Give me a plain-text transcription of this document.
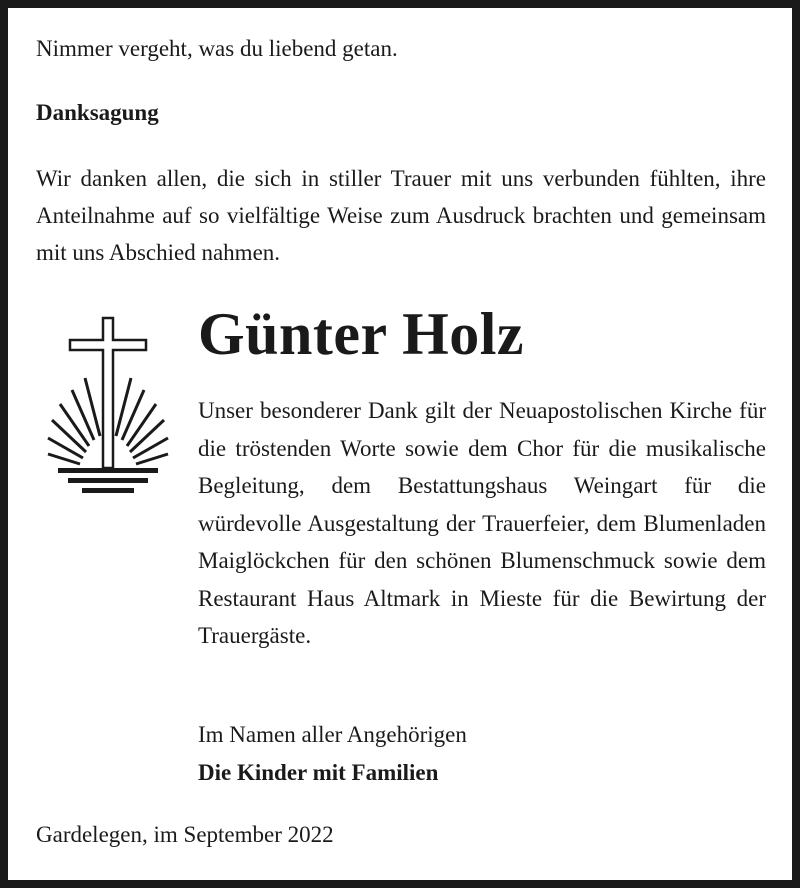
Nimmer vergeht, was du liebend getan.
Danksagung
Wir danken allen, die sich in stiller Trauer mit uns verbunden fühlten, ihre Anteilnahme auf so vielfältige Weise zum Ausdruck brachten und gemeinsam mit uns Abschied nahmen.
Günter Holz
Unser besonderer Dank gilt der Neuapostolischen Kirche für die tröstenden Worte sowie dem Chor für die musikalische Begleitung, dem Bestattungshaus Weingart für die würdevolle Ausgestaltung der Trauerfeier, dem Blumenladen Maiglöckchen für den schönen Blumenschmuck sowie dem Restaurant Haus Altmark in Mieste für die Bewirtung der Trauergäste.
Im Namen aller Angehörigen
Die Kinder mit Familien
Gardelegen, im September 2022
